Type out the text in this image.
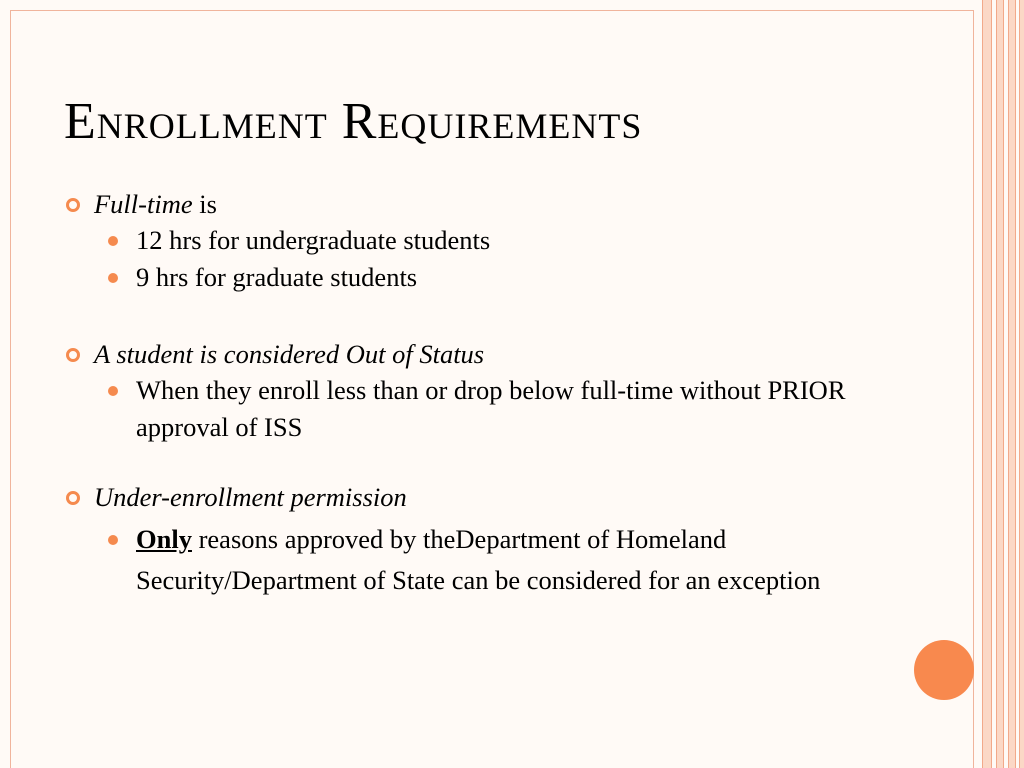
Enrollment Requirements

Full-time is

12 hrs for undergraduate students

9 hrs for graduate students

A student is considered Out of Status

When they enroll less than or drop below full-time without PRIOR approval of ISS

Under-enrollment permission

Only reasons approved by theDepartment of Homeland Security/Department of State can be considered for an exception
